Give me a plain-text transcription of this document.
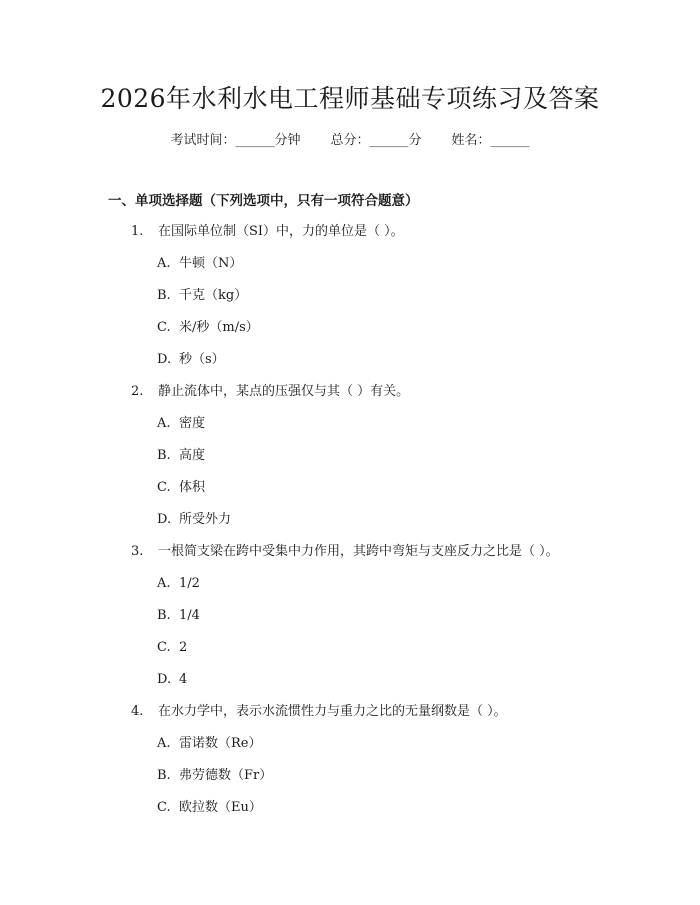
2026年水利水电工程师基础专项练习及答案
考试时间：______分钟 总分：______分 姓名：______
一、单项选择题（下列选项中，只有一项符合题意）
1. 在国际单位制（SI）中，力的单位是（ ）。
A. 牛顿（N）
B. 千克（kg）
C. 米/秒（m/s）
D. 秒（s）
2. 静止流体中，某点的压强仅与其（ ）有关。
A. 密度
B. 高度
C. 体积
D. 所受外力
3. 一根简支梁在跨中受集中力作用，其跨中弯矩与支座反力之比是（ ）。
A. 1/2
B. 1/4
C. 2
D. 4
4. 在水力学中，表示水流惯性力与重力之比的无量纲数是（ ）。
A. 雷诺数（Re）
B. 弗劳德数（Fr）
C. 欧拉数（Eu）
